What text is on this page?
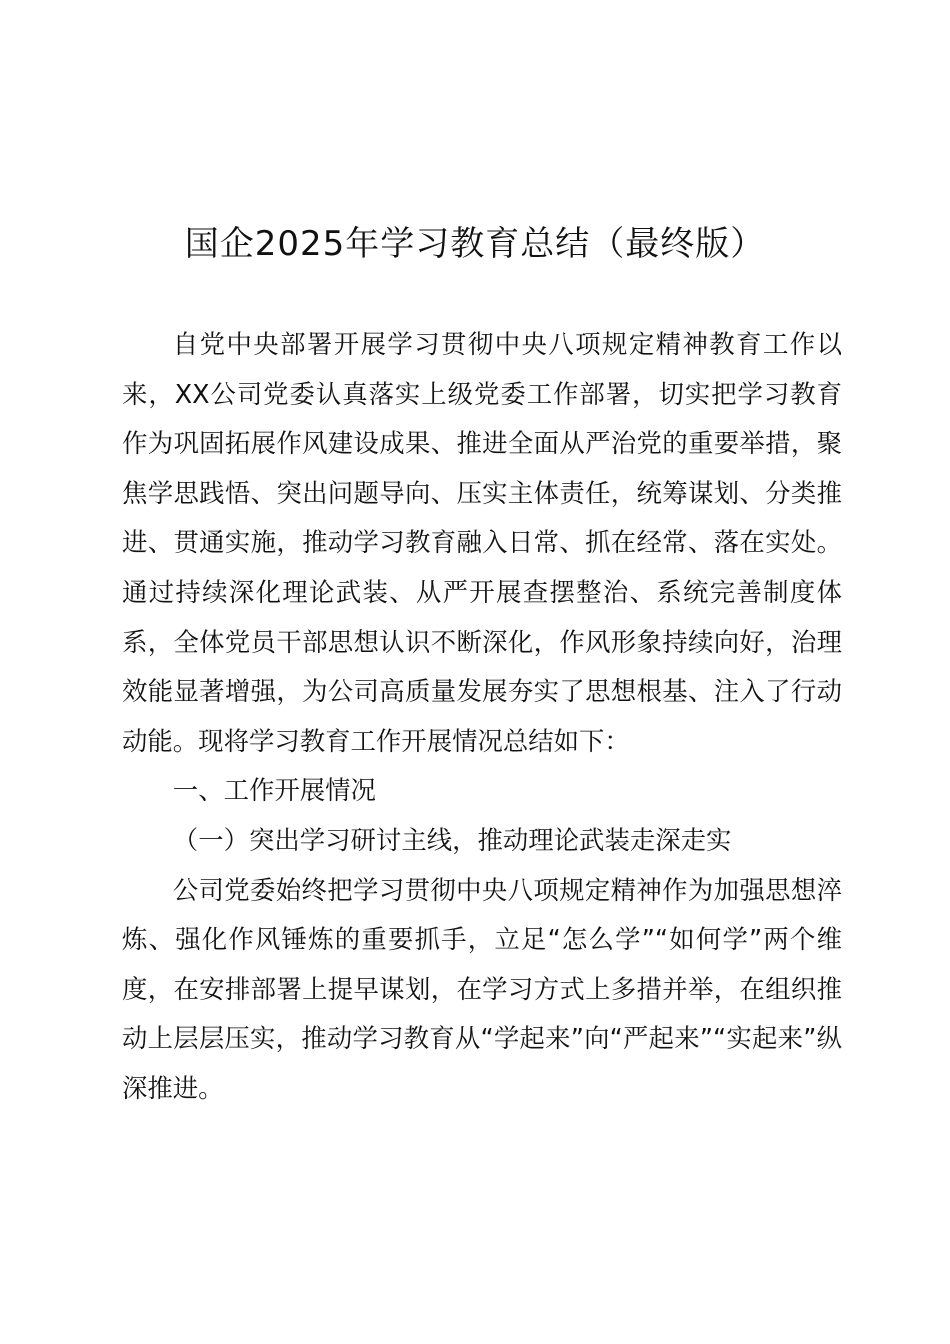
国企2025年学习教育总结（最终版）

自党中央部署开展学习贯彻中央八项规定精神教育工作以来，XX公司党委认真落实上级党委工作部署，切实把学习教育作为巩固拓展作风建设成果、推进全面从严治党的重要举措，聚焦学思践悟、突出问题导向、压实主体责任，统筹谋划、分类推进、贯通实施，推动学习教育融入日常、抓在经常、落在实处。通过持续深化理论武装、从严开展查摆整治、系统完善制度体系，全体党员干部思想认识不断深化，作风形象持续向好，治理效能显著增强，为公司高质量发展夯实了思想根基、注入了行动动能。现将学习教育工作开展情况总结如下：

一、工作开展情况

（一）突出学习研讨主线，推动理论武装走深走实

公司党委始终把学习贯彻中央八项规定精神作为加强思想淬炼、强化作风锤炼的重要抓手，立足“怎么学”“如何学”两个维度，在安排部署上提早谋划，在学习方式上多措并举，在组织推动上层层压实，推动学习教育从“学起来”向“严起来”“实起来”纵深推进。
